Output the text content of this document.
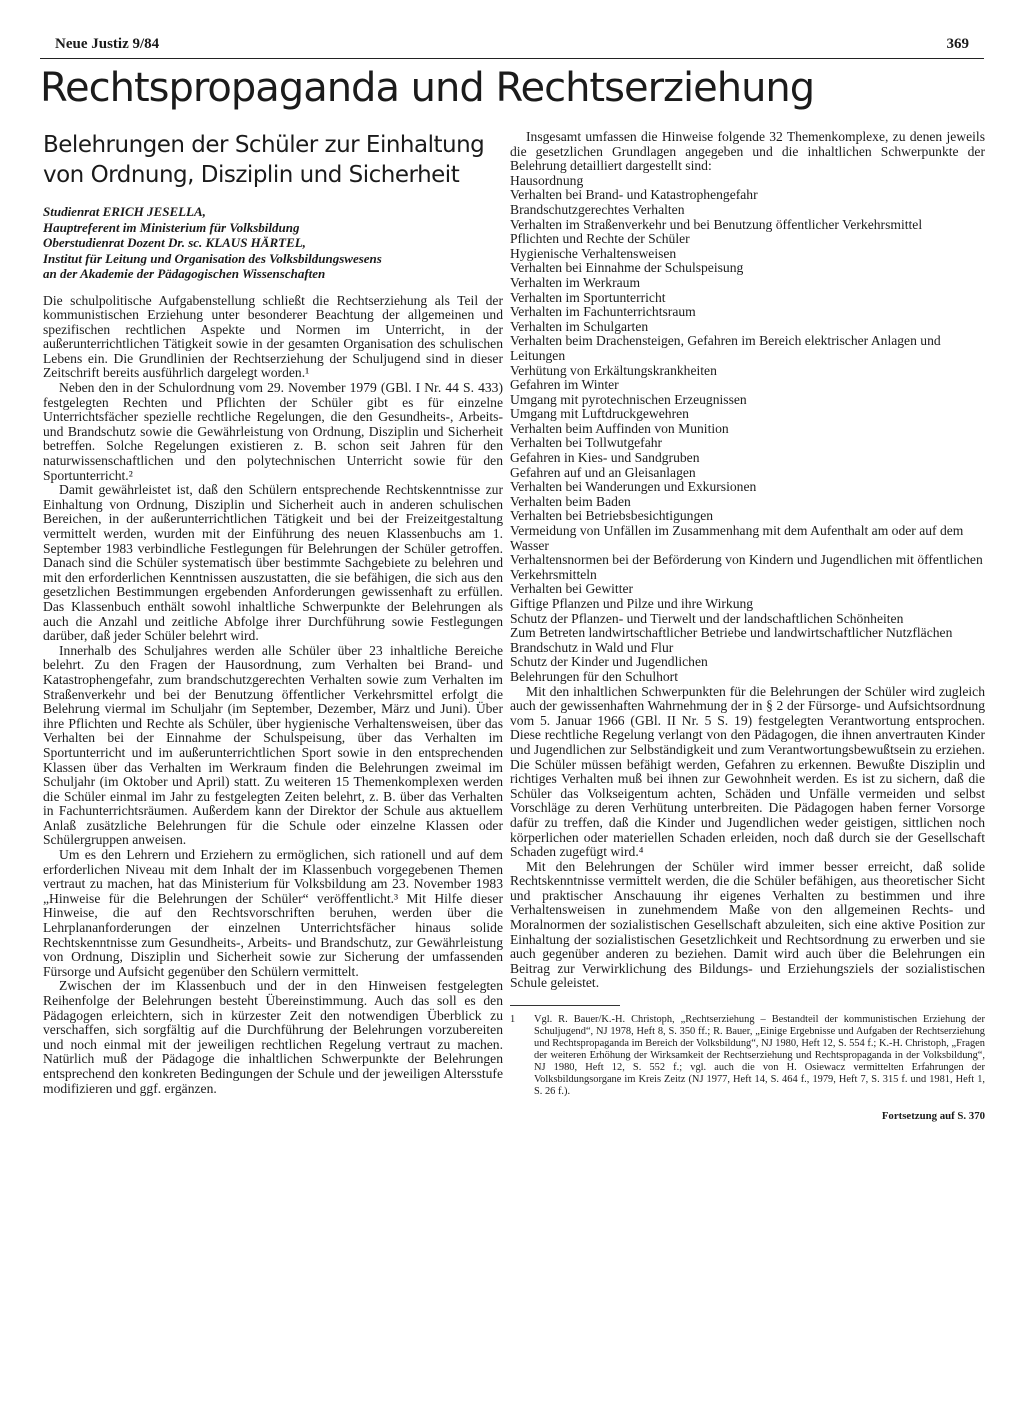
Neue Justiz 9/84	369
Rechtspropaganda und Rechtserziehung
Belehrungen der Schüler zur Einhaltung
von Ordnung, Disziplin und Sicherheit
Studienrat ERICH JESELLA,
Hauptreferent im Ministerium für Volksbildung
Oberstudienrat Dozent Dr. sc. KLAUS HÄRTEL,
Institut für Leitung und Organisation des Volksbildungswesens
an der Akademie der Pädagogischen Wissenschaften

Die schulpolitische Aufgabenstellung schließt die Rechtserziehung als Teil der kommunistischen Erziehung unter besonderer Beachtung der allgemeinen und spezifischen rechtlichen Aspekte und Normen im Unterricht, in der außerunterrichtlichen Tätigkeit sowie in der gesamten Organisation des schulischen Lebens ein. Die Grundlinien der Rechtserziehung der Schuljugend sind in dieser Zeitschrift bereits ausführlich dargelegt worden.¹

Neben den in der Schulordnung vom 29. November 1979 (GBl. I Nr. 44 S. 433) festgelegten Rechten und Pflichten der Schüler gibt es für einzelne Unterrichtsfächer spezielle rechtliche Regelungen, die den Gesundheits-, Arbeits- und Brandschutz sowie die Gewährleistung von Ordnung, Disziplin und Sicherheit betreffen. Solche Regelungen existieren z. B. schon seit Jahren für den naturwissenschaftlichen und den polytechnischen Unterricht sowie für den Sportunterricht.²

Damit gewährleistet ist, daß den Schülern entsprechende Rechtskenntnisse zur Einhaltung von Ordnung, Disziplin und Sicherheit auch in anderen schulischen Bereichen, in der außerunterrichtlichen Tätigkeit und bei der Freizeitgestaltung vermittelt werden, wurden mit der Einführung des neuen Klassenbuchs am 1. September 1983 verbindliche Festlegungen für Belehrungen der Schüler getroffen. Danach sind die Schüler systematisch über bestimmte Sachgebiete zu belehren und mit den erforderlichen Kenntnissen auszustatten, die sie befähigen, die sich aus den gesetzlichen Bestimmungen ergebenden Anforderungen gewissenhaft zu erfüllen. Das Klassenbuch enthält sowohl inhaltliche Schwerpunkte der Belehrungen als auch die Anzahl und zeitliche Abfolge ihrer Durchführung sowie Festlegungen darüber, daß jeder Schüler belehrt wird.

Innerhalb des Schuljahres werden alle Schüler über 23 inhaltliche Bereiche belehrt. Zu den Fragen der Hausordnung, zum Verhalten bei Brand- und Katastrophengefahr, zum brandschutzgerechten Verhalten sowie zum Verhalten im Straßenverkehr und bei der Benutzung öffentlicher Verkehrsmittel erfolgt die Belehrung viermal im Schuljahr (im September, Dezember, März und Juni). Über ihre Pflichten und Rechte als Schüler, über hygienische Verhaltensweisen, über das Verhalten bei der Einnahme der Schulspeisung, über das Verhalten im Sportunterricht und im außerunterrichtlichen Sport sowie in den entsprechenden Klassen über das Verhalten im Werkraum finden die Belehrungen zweimal im Schuljahr (im Oktober und April) statt. Zu weiteren 15 Themenkomplexen werden die Schüler einmal im Jahr zu festgelegten Zeiten belehrt, z. B. über das Verhalten in Fachunterrichtsräumen. Außerdem kann der Direktor der Schule aus aktuellem Anlaß zusätzliche Belehrungen für die Schule oder einzelne Klassen oder Schülergruppen anweisen.

Um es den Lehrern und Erziehern zu ermöglichen, sich rationell und auf dem erforderlichen Niveau mit dem Inhalt der im Klassenbuch vorgegebenen Themen vertraut zu machen, hat das Ministerium für Volksbildung am 23. November 1983 „Hinweise für die Belehrungen der Schüler“ veröffentlicht.³ Mit Hilfe dieser Hinweise, die auf den Rechtsvorschriften beruhen, werden über die Lehrplananforderungen der einzelnen Unterrichtsfächer hinaus solide Rechtskenntnisse zum Gesundheits-, Arbeits- und Brandschutz, zur Gewährleistung von Ordnung, Disziplin und Sicherheit sowie zur Sicherung der umfassenden Fürsorge und Aufsicht gegenüber den Schülern vermittelt.

Zwischen der im Klassenbuch und der in den Hinweisen festgelegten Reihenfolge der Belehrungen besteht Übereinstimmung. Auch das soll es den Pädagogen erleichtern, sich in kürzester Zeit den notwendigen Überblick zu verschaffen, sich sorgfältig auf die Durchführung der Belehrungen vorzubereiten und noch einmal mit der jeweiligen rechtlichen Regelung vertraut zu machen. Natürlich muß der Pädagoge die inhaltlichen Schwerpunkte der Belehrungen entsprechend den konkreten Bedingungen der Schule und der jeweiligen Altersstufe modifizieren und ggf. ergänzen.

Insgesamt umfassen die Hinweise folgende 32 Themenkomplexe, zu denen jeweils die gesetzlichen Grundlagen angegeben und die inhaltlichen Schwerpunkte der Belehrung detailliert dargestellt sind:

Hausordnung
Verhalten bei Brand- und Katastrophengefahr
Brandschutzgerechtes Verhalten
Verhalten im Straßenverkehr und bei Benutzung öffentlicher Verkehrsmittel
Pflichten und Rechte der Schüler
Hygienische Verhaltensweisen
Verhalten bei Einnahme der Schulspeisung
Verhalten im Werkraum
Verhalten im Sportunterricht
Verhalten im Fachunterrichtsraum
Verhalten im Schulgarten
Verhalten beim Drachensteigen, Gefahren im Bereich elektrischer Anlagen und Leitungen
Verhütung von Erkältungskrankheiten
Gefahren im Winter
Umgang mit pyrotechnischen Erzeugnissen
Umgang mit Luftdruckgewehren
Verhalten beim Auffinden von Munition
Verhalten bei Tollwutgefahr
Gefahren in Kies- und Sandgruben
Gefahren auf und an Gleisanlagen
Verhalten bei Wanderungen und Exkursionen
Verhalten beim Baden
Verhalten bei Betriebsbesichtigungen
Vermeidung von Unfällen im Zusammenhang mit dem Aufenthalt am oder auf dem Wasser
Verhaltensnormen bei der Beförderung von Kindern und Jugendlichen mit öffentlichen Verkehrsmitteln
Verhalten bei Gewitter
Giftige Pflanzen und Pilze und ihre Wirkung
Schutz der Pflanzen- und Tierwelt und der landschaftlichen Schönheiten
Zum Betreten landwirtschaftlicher Betriebe und landwirtschaftlicher Nutzflächen
Brandschutz in Wald und Flur
Schutz der Kinder und Jugendlichen
Belehrungen für den Schulhort

Mit den inhaltlichen Schwerpunkten für die Belehrungen der Schüler wird zugleich auch der gewissenhaften Wahrnehmung der in § 2 der Fürsorge- und Aufsichtsordnung vom 5. Januar 1966 (GBl. II Nr. 5 S. 19) festgelegten Verantwortung entsprochen. Diese rechtliche Regelung verlangt von den Pädagogen, die ihnen anvertrauten Kinder und Jugendlichen zur Selbständigkeit und zum Verantwortungsbewußtsein zu erziehen. Die Schüler müssen befähigt werden, Gefahren zu erkennen. Bewußte Disziplin und richtiges Verhalten muß bei ihnen zur Gewohnheit werden. Es ist zu sichern, daß die Schüler das Volkseigentum achten, Schäden und Unfälle vermeiden und selbst Vorschläge zu deren Verhütung unterbreiten. Die Pädagogen haben ferner Vorsorge dafür zu treffen, daß die Kinder und Jugendlichen weder geistigen, sittlichen noch körperlichen oder materiellen Schaden erleiden, noch daß durch sie der Gesellschaft Schaden zugefügt wird.⁴

Mit den Belehrungen der Schüler wird immer besser erreicht, daß solide Rechtskenntnisse vermittelt werden, die die Schüler befähigen, aus theoretischer Sicht und praktischer Anschauung ihr eigenes Verhalten zu bestimmen und ihre Verhaltensweisen in zunehmendem Maße von den allgemeinen Rechts- und Moralnormen der sozialistischen Gesellschaft abzuleiten, sich eine aktive Position zur Einhaltung der sozialistischen Gesetzlichkeit und Rechtsordnung zu erwerben und sie auch gegenüber anderen zu beziehen. Damit wird auch über die Belehrungen ein Beitrag zur Verwirklichung des Bildungs- und Erziehungsziels der sozialistischen Schule geleistet.

1 Vgl. R. Bauer/K.-H. Christoph, „Rechtserziehung – Bestandteil der kommunistischen Erziehung der Schuljugend“, NJ 1978, Heft 8, S. 350 ff.; R. Bauer, „Einige Ergebnisse und Aufgaben der Rechtserziehung und Rechtspropaganda im Bereich der Volksbildung“, NJ 1980, Heft 12, S. 554 f.; K.-H. Christoph, „Fragen der weiteren Erhöhung der Wirksamkeit der Rechtserziehung und Rechtspropaganda in der Volksbildung“, NJ 1980, Heft 12, S. 552 f.; vgl. auch die von H. Osiewacz vermittelten Erfahrungen der Volksbildungsorgane im Kreis Zeitz (NJ 1977, Heft 14, S. 464 f., 1979, Heft 7, S. 315 f. und 1981, Heft 1, S. 26 f.).

Fortsetzung auf S. 370
